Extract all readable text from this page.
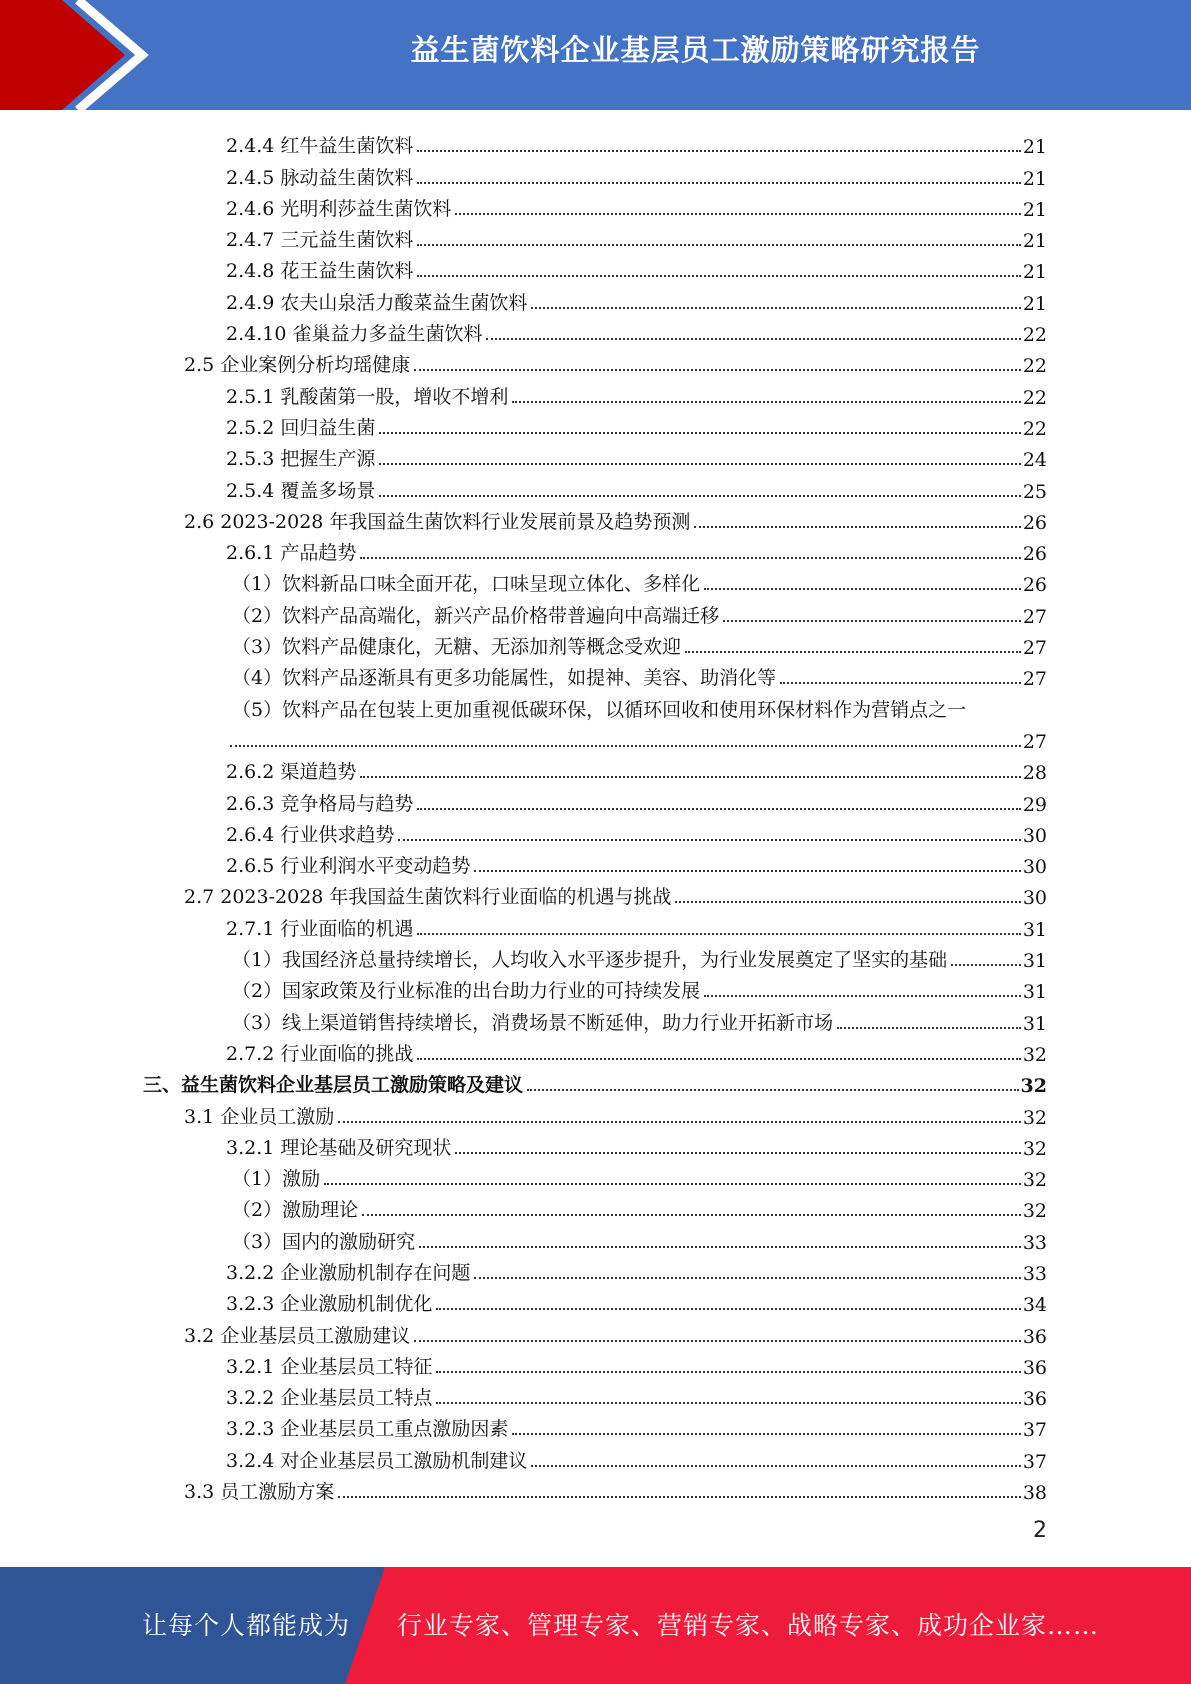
益生菌饮料企业基层员工激励策略研究报告
2.4.4 红牛益生菌饮料	21
2.4.5 脉动益生菌饮料	21
2.4.6 光明利莎益生菌饮料	21
2.4.7 三元益生菌饮料	21
2.4.8 花王益生菌饮料	21
2.4.9 农夫山泉活力酸菜益生菌饮料	21
2.4.10 雀巢益力多益生菌饮料	22
2.5 企业案例分析均瑶健康	22
2.5.1 乳酸菌第一股，增收不增利	22
2.5.2 回归益生菌	22
2.5.3 把握生产源	24
2.5.4 覆盖多场景	25
2.6 2023-2028 年我国益生菌饮料行业发展前景及趋势预测	26
2.6.1 产品趋势	26
（1）饮料新品口味全面开花，口味呈现立体化、多样化	26
（2）饮料产品高端化，新兴产品价格带普遍向中高端迁移	27
（3）饮料产品健康化，无糖、无添加剂等概念受欢迎	27
（4）饮料产品逐渐具有更多功能属性，如提神、美容、助消化等	27
（5）饮料产品在包装上更加重视低碳环保，以循环回收和使用环保材料作为营销点之一
27
2.6.2 渠道趋势	28
2.6.3 竞争格局与趋势	29
2.6.4 行业供求趋势	30
2.6.5 行业利润水平变动趋势	30
2.7 2023-2028 年我国益生菌饮料行业面临的机遇与挑战	30
2.7.1 行业面临的机遇	31
（1）我国经济总量持续增长，人均收入水平逐步提升，为行业发展奠定了坚实的基础	31
（2）国家政策及行业标准的出台助力行业的可持续发展	31
（3）线上渠道销售持续增长，消费场景不断延伸，助力行业开拓新市场	31
2.7.2 行业面临的挑战	32
三、益生菌饮料企业基层员工激励策略及建议	32
3.1 企业员工激励	32
3.2.1 理论基础及研究现状	32
（1）激励	32
（2）激励理论	32
（3）国内的激励研究	33
3.2.2 企业激励机制存在问题	33
3.2.3 企业激励机制优化	34
3.2 企业基层员工激励建议	36
3.2.1 企业基层员工特征	36
3.2.2 企业基层员工特点	36
3.2.3 企业基层员工重点激励因素	37
3.2.4 对企业基层员工激励机制建议	37
3.3 员工激励方案	38
2
让每个人都能成为 行业专家、管理专家、营销专家、战略专家、成功企业家……
